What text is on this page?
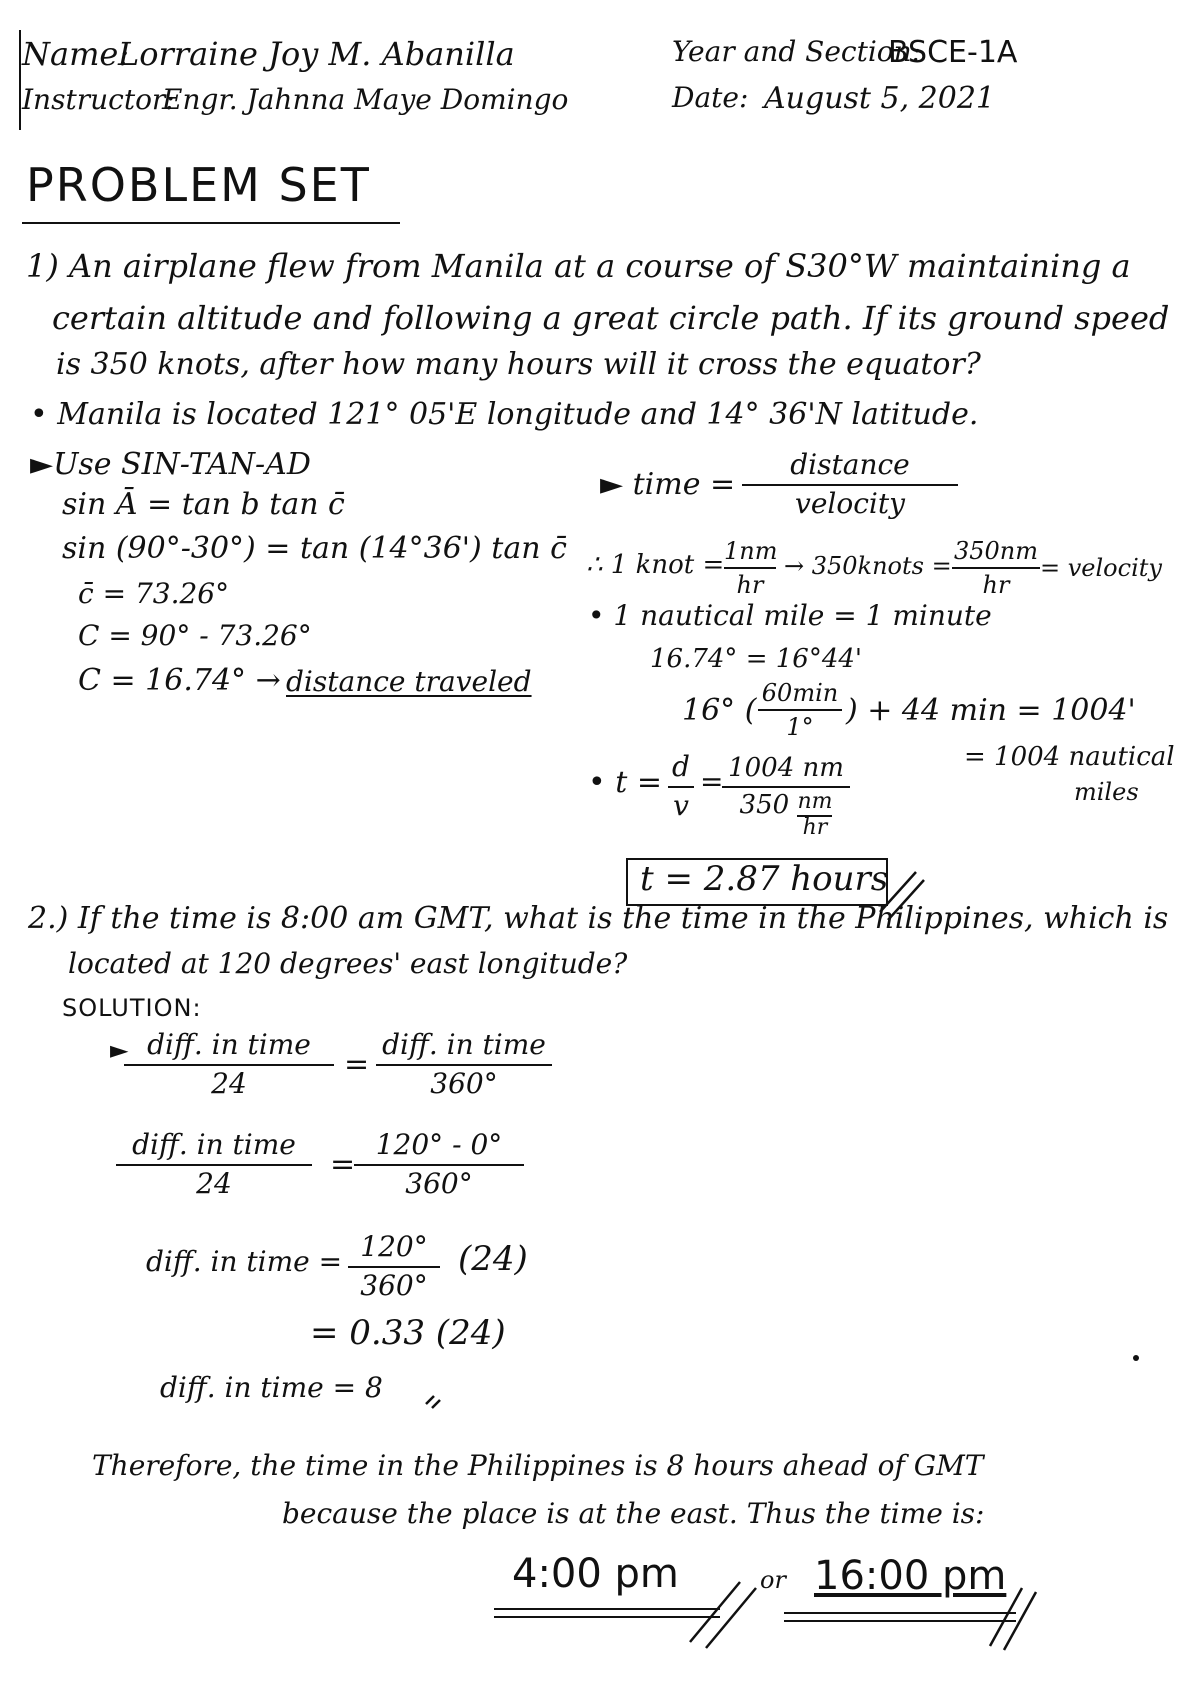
Name:
Lorraine Joy M. Abanilla
Instructor:
Engr. Jahnna Maye Domingo
Year and Section:
BSCE-1A
Date: August 5, 2021
PROBLEM SET
1) An airplane flew from Manila at a course of S30°W maintaining a
certain altitude and following a great circle path. If its ground speed
is 350 knots, after how many hours will it cross the equator?
• Manila is located 121° 05'E longitude and 14° 36'N latitude.
►Use SIN-TAN-AD
sin Ā = tan b tan c̄
sin (90°-30°) = tan (14°36') tan c̄
c̄ = 73.26°
C = 90° - 73.26°
C = 16.74° → distance traveled
► time =
distance
velocity
∴ 1 knot = 1nm
hr
→ 350knots =
350nm
hr
= velocity
• 1 nautical mile = 1 minute
16.74° = 16°44'
16° ( 60min
1°	) + 44 min = 1004'
= 1004 nautical
miles
• t = d
v
= 1004 nm
$350 \frac{nm}{hr}$
t = 2.87 hours
2.) If the time is 8:00 am GMT, what is the time in the Philippines, which is
located at 120 degrees' east longitude?
SOLUTION:
► diff. in time
24
=
diff. in time
360°
diff. in time
24
=
120° - 0°
360°
diff. in time = 120°
360°
(24)
= 0.33 (24)
diff. in time = 8
Therefore, the time in the Philippines is 8 hours ahead of GMT
because the place is at the east. Thus the time is:
4:00 pm	or 16:00 pm
